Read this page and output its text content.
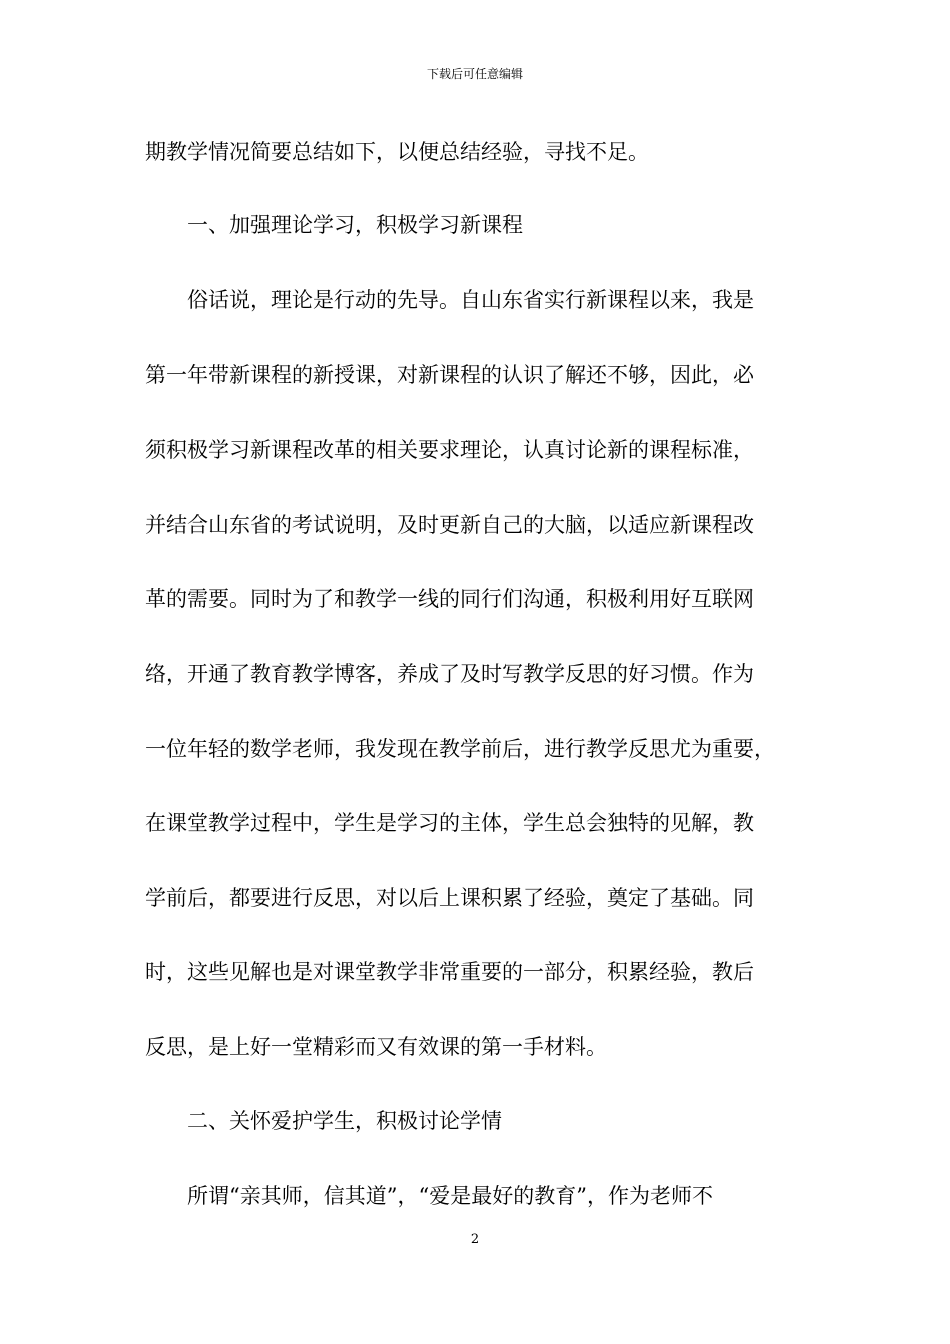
下载后可任意编辑
期教学情况简要总结如下，以便总结经验，寻找不足。
　　一、加强理论学习，积极学习新课程
　　俗话说，理论是行动的先导。自山东省实行新课程以来，我是
第一年带新课程的新授课，对新课程的认识了解还不够，因此，必
须积极学习新课程改革的相关要求理论，认真讨论新的课程标准，
并结合山东省的考试说明，及时更新自己的大脑，以适应新课程改
革的需要。同时为了和教学一线的同行们沟通，积极利用好互联网
络，开通了教育教学博客，养成了及时写教学反思的好习惯。作为
一位年轻的数学老师，我发现在教学前后，进行教学反思尤为重要，
在课堂教学过程中，学生是学习的主体，学生总会独特的见解，教
学前后，都要进行反思，对以后上课积累了经验，奠定了基础。同
时，这些见解也是对课堂教学非常重要的一部分，积累经验，教后
反思，是上好一堂精彩而又有效课的第一手材料。
　　二、关怀爱护学生，积极讨论学情
　　所谓“亲其师，信其道”，“爱是最好的教育”，作为老师不
2
